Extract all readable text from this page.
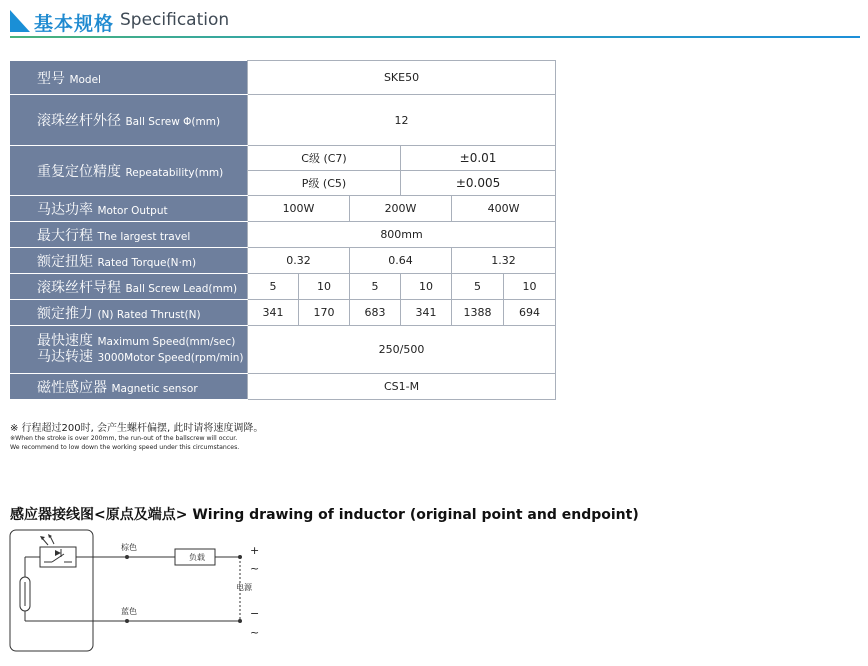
基本规格 Specification
型号 Model	SKE50					
滚珠丝杆外径 Ball Screw Φ(mm)	12					
重复定位精度 Repeatability(mm)	C级 (C7)			±0.01		
	P级 (C5)			±0.005		
马达功率 Motor Output	100W		200W		400W	
最大行程 The largest travel	800mm					
额定扭矩 Rated Torque(N·m)	0.32		0.64		1.32	
滚珠丝杆导程 Ball Screw Lead(mm)	5	10	5	10	5	10
额定推力 (N) Rated Thrust(N)	341	170	683	341	1388	694
最快速度 Maximum Speed(mm/sec)
马达转速 3000Motor Speed(rpm/min)	250/500					
磁性感应器 Magnetic sensor	CS1-M					
※ 行程超过200时, 会产生螺杆偏摆, 此时请将速度调降。
※When the stroke is over 200mm, the run-out of the ballscrew will occur.
We recommend to low down the working speed under this circumstances.
感应器接线图<原点及端点> Wiring drawing of inductor (original point and endpoint)
棕色
负载
+
~
电源
蓝色	−
~
